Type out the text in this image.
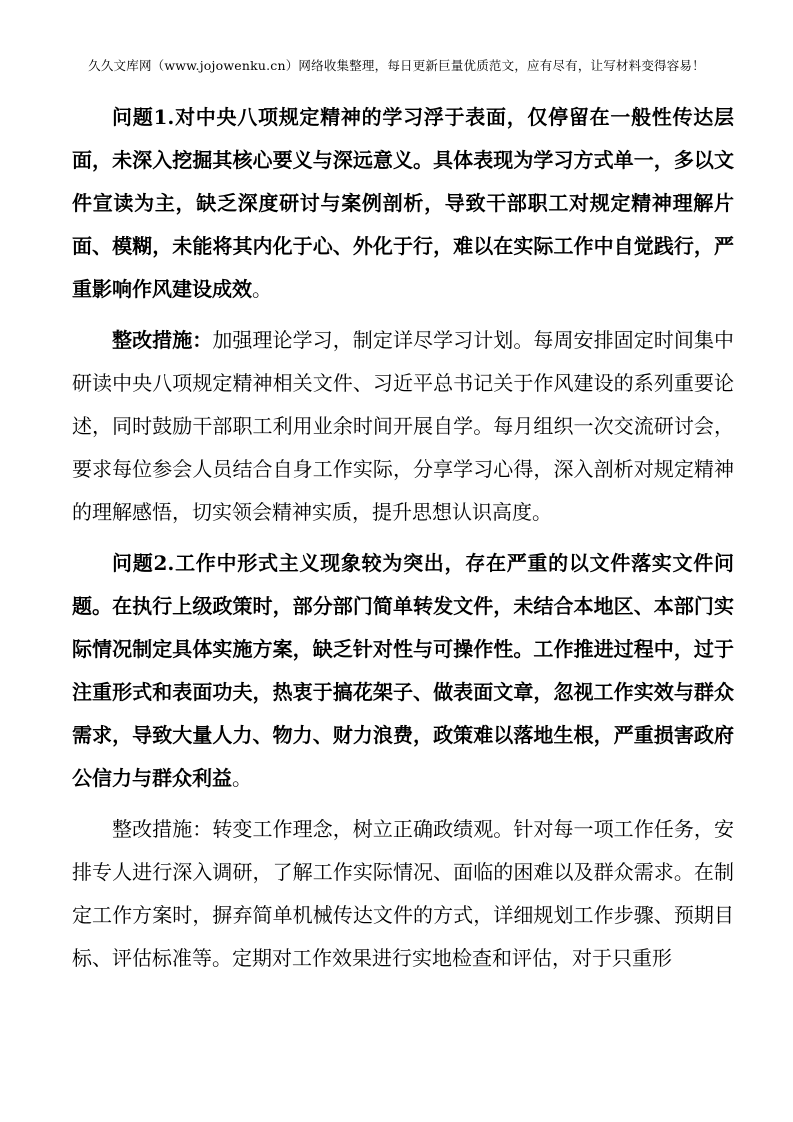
久久文库网（www.jojowenku.cn）网络收集整理，每日更新巨量优质范文，应有尽有，让写材料变得容易！

问题1.对中央八项规定精神的学习浮于表面，仅停留在一般性传达层面，未深入挖掘其核心要义与深远意义。具体表现为学习方式单一，多以文件宣读为主，缺乏深度研讨与案例剖析，导致干部职工对规定精神理解片面、模糊，未能将其内化于心、外化于行，难以在实际工作中自觉践行，严重影响作风建设成效。

整改措施：加强理论学习，制定详尽学习计划。每周安排固定时间集中研读中央八项规定精神相关文件、习近平总书记关于作风建设的系列重要论述，同时鼓励干部职工利用业余时间开展自学。每月组织一次交流研讨会，要求每位参会人员结合自身工作实际，分享学习心得，深入剖析对规定精神的理解感悟，切实领会精神实质，提升思想认识高度。

问题2.工作中形式主义现象较为突出，存在严重的以文件落实文件问题。在执行上级政策时，部分部门简单转发文件，未结合本地区、本部门实际情况制定具体实施方案，缺乏针对性与可操作性。工作推进过程中，过于注重形式和表面功夫，热衷于搞花架子、做表面文章，忽视工作实效与群众需求，导致大量人力、物力、财力浪费，政策难以落地生根，严重损害政府公信力与群众利益。

整改措施：转变工作理念，树立正确政绩观。针对每一项工作任务，安排专人进行深入调研，了解工作实际情况、面临的困难以及群众需求。在制定工作方案时，摒弃简单机械传达文件的方式，详细规划工作步骤、预期目标、评估标准等。定期对工作效果进行实地检查和评估，对于只重形
